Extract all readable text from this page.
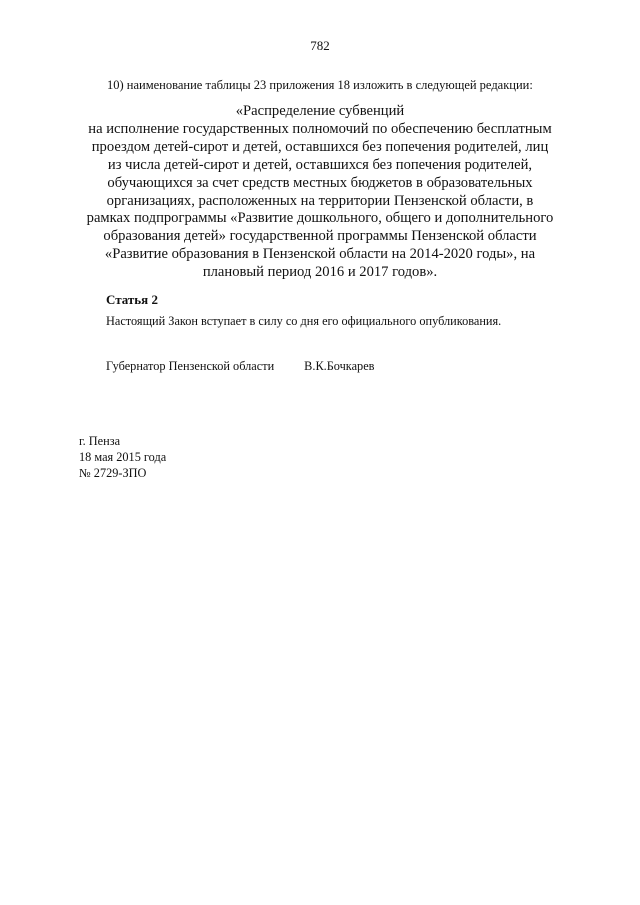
782
10) наименование таблицы 23 приложения 18 изложить в следующей редакции:
«Распределение субвенций
на исполнение государственных полномочий по обеспечению бесплатным
проездом детей-сирот и детей, оставшихся без попечения родителей, лиц
из числа детей-сирот и детей, оставшихся без попечения родителей,
обучающихся за счет средств местных бюджетов в образовательных
организациях, расположенных на территории Пензенской области, в
рамках подпрограммы «Развитие дошкольного, общего и дополнительного
образования детей» государственной программы Пензенской области
«Развитие образования в Пензенской области на 2014-2020 годы», на
плановый период 2016 и 2017 годов».
Статья 2
Настоящий Закон вступает в силу со дня его официального опубликования.
Губернатор Пензенской области В.К.Бочкарев
г. Пенза
18 мая 2015 года
№ 2729-ЗПО
